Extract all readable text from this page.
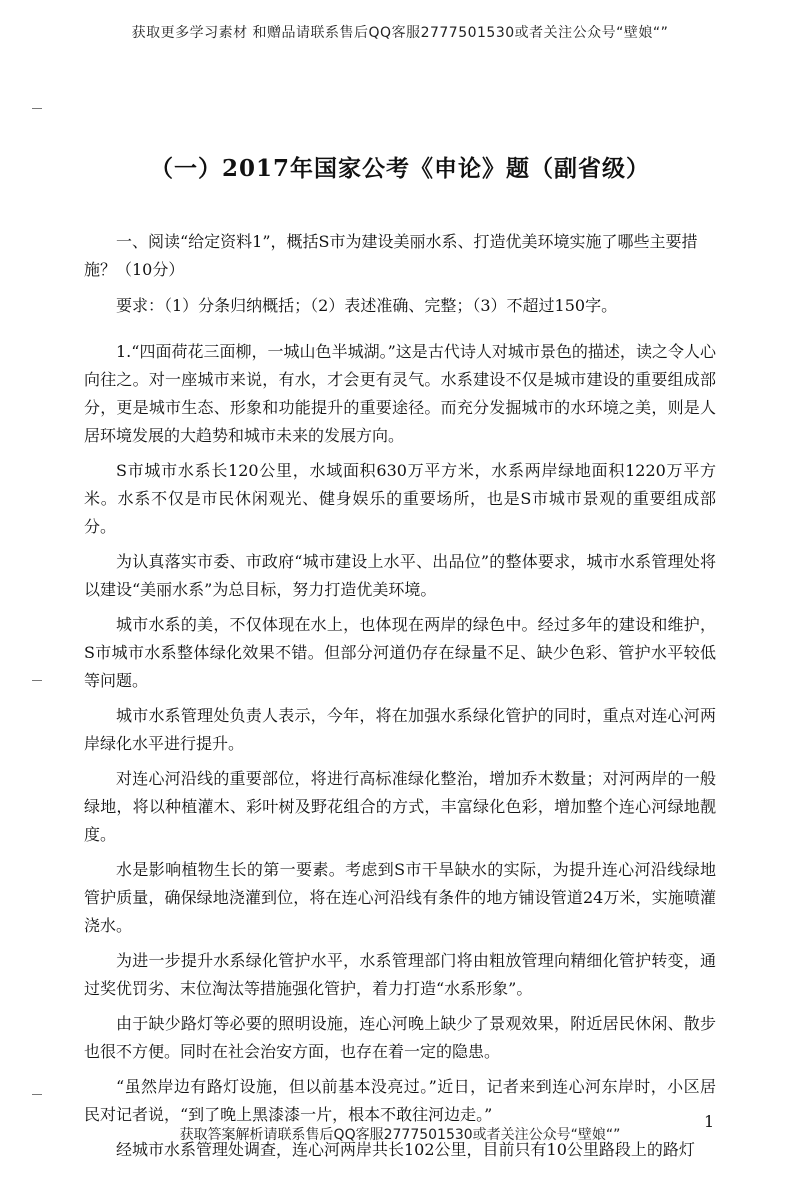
获取更多学习素材 和赠品请联系售后QQ客服2777501530或者关注公众号“壁娘“”
（一）2017年国家公考《申论》题（副省级）

一、阅读“给定资料1”，概括S市为建设美丽水系、打造优美环境实施了哪些主要措施？（10分）

要求：（1）分条归纳概括；（2）表述准确、完整；（3）不超过150字。

1.“四面荷花三面柳，一城山色半城湖。”这是古代诗人对城市景色的描述，读之令人心向往之。对一座城市来说，有水，才会更有灵气。水系建设不仅是城市建设的重要组成部分，更是城市生态、形象和功能提升的重要途径。而充分发掘城市的水环境之美，则是人居环境发展的大趋势和城市未来的发展方向。

S市城市水系长120公里，水域面积630万平方米，水系两岸绿地面积1220万平方米。水系不仅是市民休闲观光、健身娱乐的重要场所，也是S市城市景观的重要组成部分。

为认真落实市委、市政府“城市建设上水平、出品位”的整体要求，城市水系管理处将以建设“美丽水系”为总目标，努力打造优美环境。

城市水系的美，不仅体现在水上，也体现在两岸的绿色中。经过多年的建设和维护，S市城市水系整体绿化效果不错。但部分河道仍存在绿量不足、缺少色彩、管护水平较低等问题。

城市水系管理处负责人表示，今年，将在加强水系绿化管护的同时，重点对连心河两岸绿化水平进行提升。

对连心河沿线的重要部位，将进行高标准绿化整治，增加乔木数量；对河两岸的一般绿地，将以种植灌木、彩叶树及野花组合的方式，丰富绿化色彩，增加整个连心河绿地靓度。

水是影响植物生长的第一要素。考虑到S市干旱缺水的实际，为提升连心河沿线绿地管护质量，确保绿地浇灌到位，将在连心河沿线有条件的地方铺设管道24万米，实施喷灌浇水。

为进一步提升水系绿化管护水平，水系管理部门将由粗放管理向精细化管护转变，通过奖优罚劣、末位淘汰等措施强化管护，着力打造“水系形象”。

由于缺少路灯等必要的照明设施，连心河晚上缺少了景观效果，附近居民休闲、散步也很不方便。同时在社会治安方面，也存在着一定的隐患。

“虽然岸边有路灯设施，但以前基本没亮过。”近日，记者来到连心河东岸时，小区居民对记者说，“到了晚上黑漆漆一片，根本不敢往河边走。”

经城市水系管理处调查，连心河两岸共长102公里，目前只有10公里路段上的路灯

1
获取答案解析请联系售后QQ客服2777501530或者关注公众号“壁娘“”
